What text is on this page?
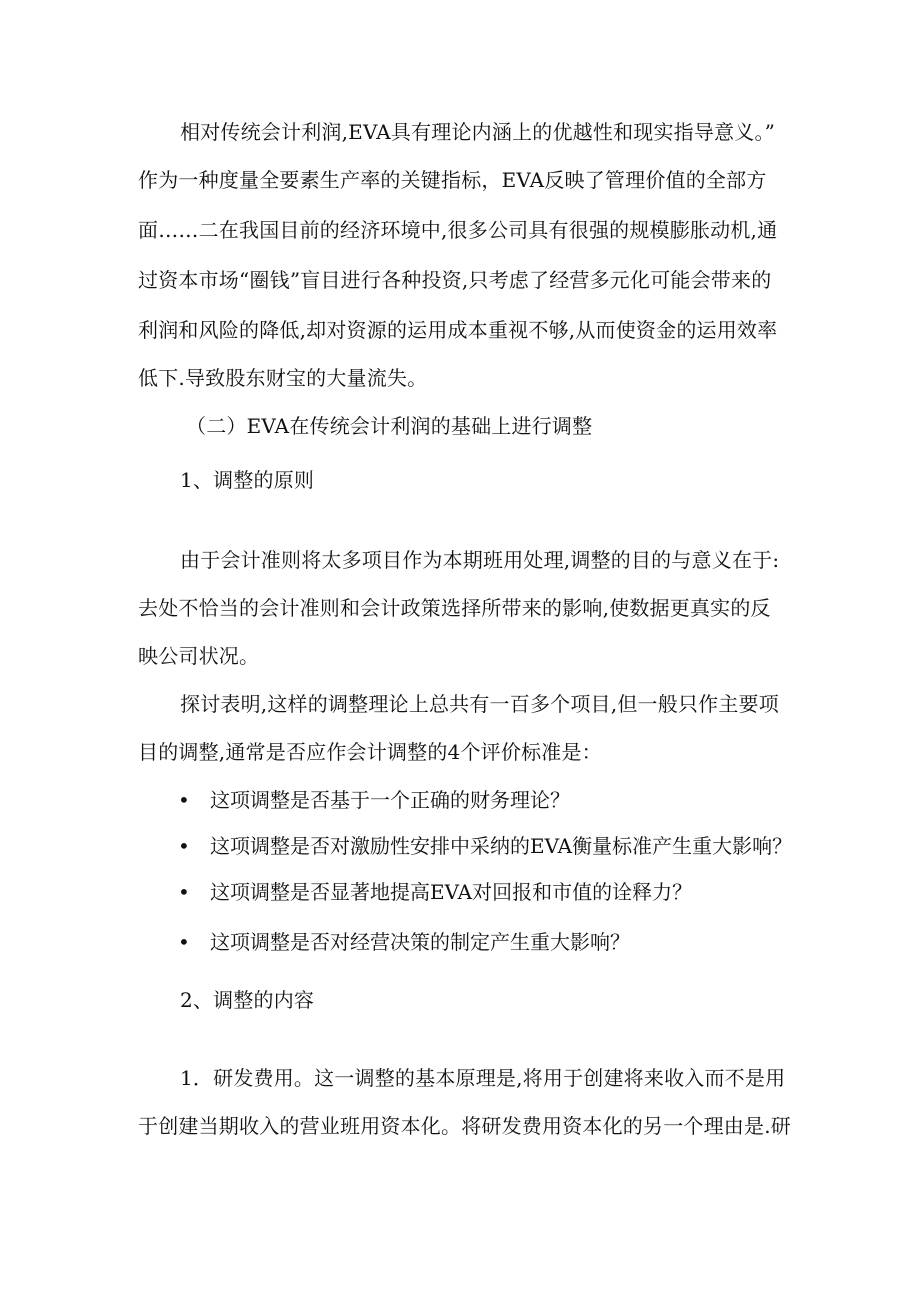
相对传统会计利润,EVA具有理论内涵上的优越性和现实指导意义。”
作为一种度量全要素生产率的关键指标，EVA反映了管理价值的全部方
面……二在我国目前的经济环境中,很多公司具有很强的规模膨胀动机,通
过资本市场“圈钱”盲目进行各种投资,只考虑了经营多元化可能会带来的
利润和风险的降低,却对资源的运用成本重视不够,从而使资金的运用效率
低下.导致股东财宝的大量流失。
（二）EVA在传统会计利润的基础上进行调整
1、调整的原则
由于会计准则将太多项目作为本期班用处理,调整的目的与意义在于:
去处不恰当的会计准则和会计政策选择所带来的影响,使数据更真实的反
映公司状况。
探讨表明,这样的调整理论上总共有一百多个项目,但一般只作主要项
目的调整,通常是否应作会计调整的4个评价标准是：
• 这项调整是否基于一个正确的财务理论？
•这项调整是否对激励性安排中采纳的EVA衡量标准产生重大影响？
• 这项调整是否显著地提高EVA对回报和市值的诠释力？
• 这项调整是否对经营决策的制定产生重大影响？
2、调整的内容
1．研发费用。这一调整的基本原理是,将用于创建将来收入而不是用
于创建当期收入的营业班用资本化。将研发费用资本化的另一个理由是.研
